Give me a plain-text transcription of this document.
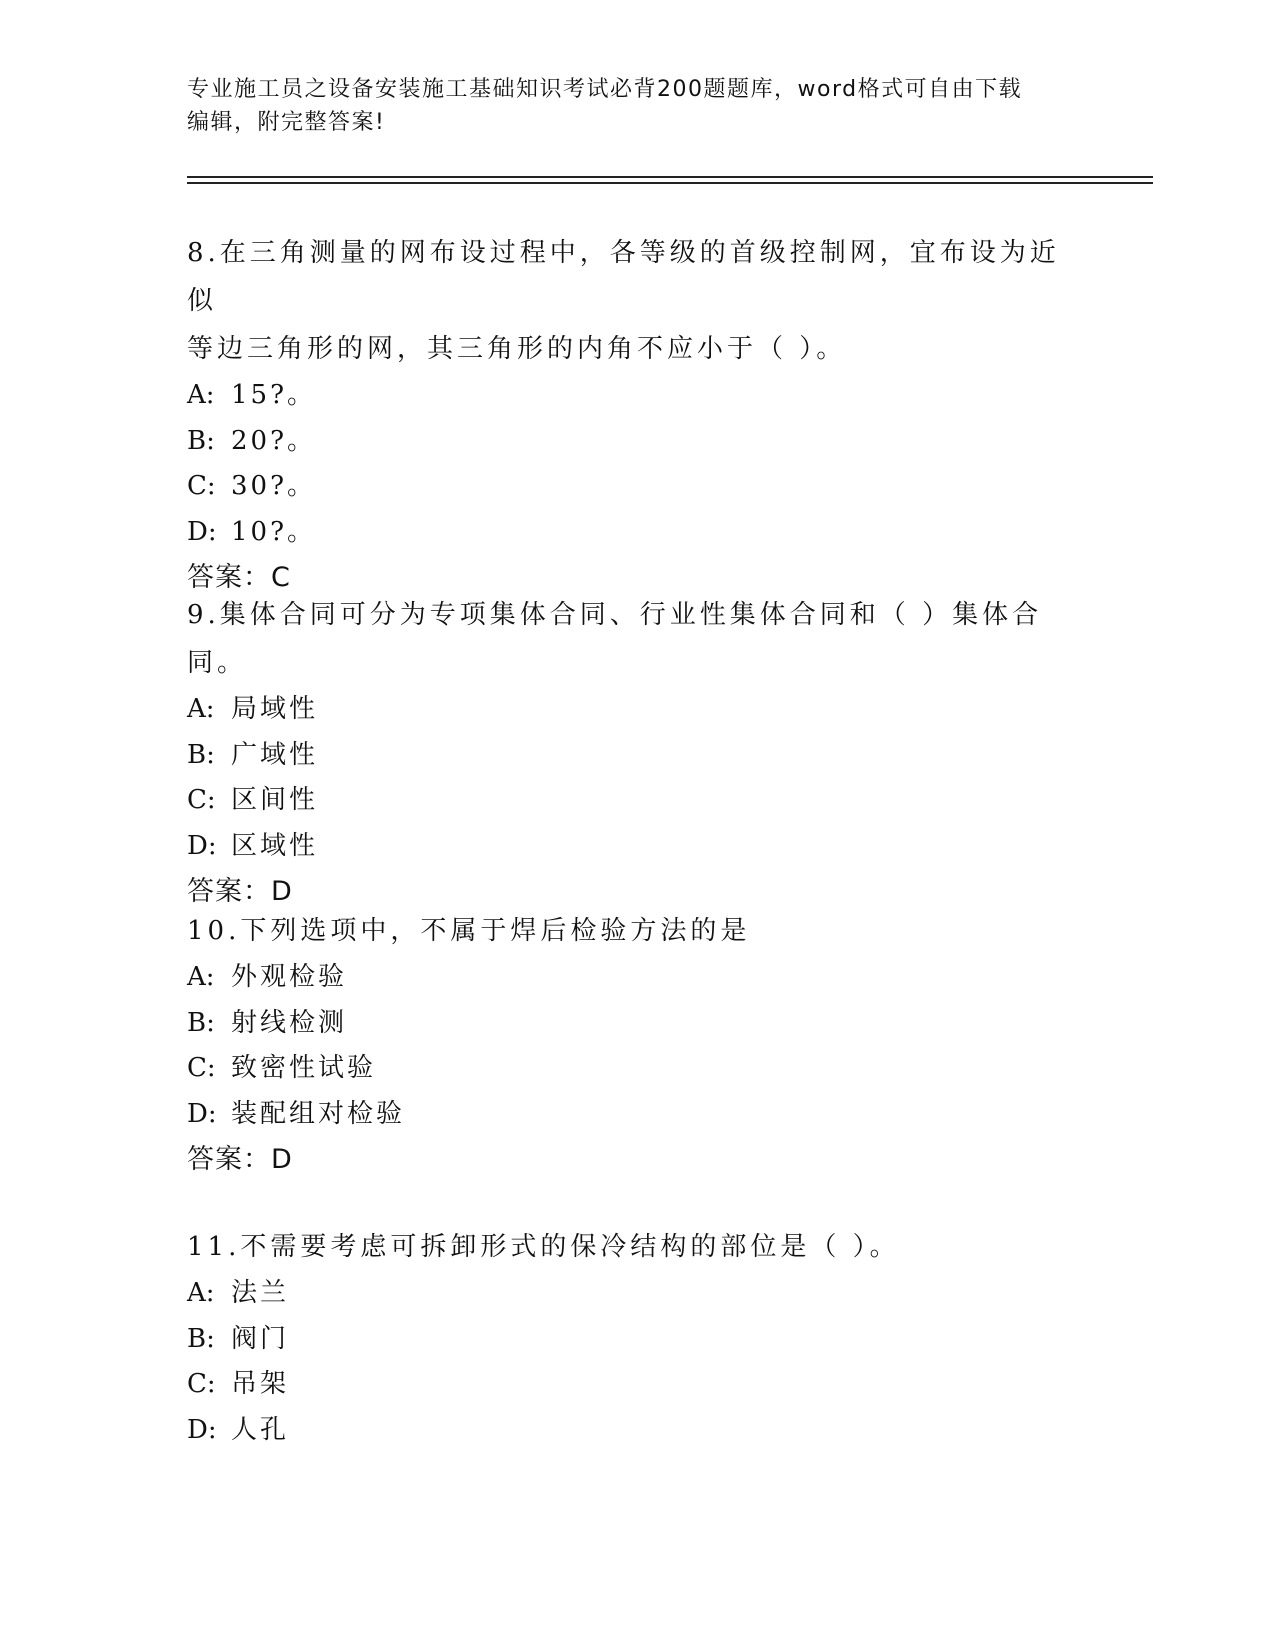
专业施工员之设备安装施工基础知识考试必背200题题库，word格式可自由下载
编辑，附完整答案!
8.在三角测量的网布设过程中，各等级的首级控制网，宜布设为近似
等边三角形的网，其三角形的内角不应小于（ ）。
A: 15?。
B: 20?。
C: 30?。
D: 10?。
答案：C
9.集体合同可分为专项集体合同、行业性集体合同和（ ）集体合同。
A: 局域性
B: 广域性
C: 区间性
D: 区域性
答案：D
10.下列选项中，不属于焊后检验方法的是
A: 外观检验
B: 射线检测
C: 致密性试验
D: 装配组对检验
答案：D
11.不需要考虑可拆卸形式的保冷结构的部位是（ ）。
A: 法兰
B: 阀门
C: 吊架
D: 人孔
